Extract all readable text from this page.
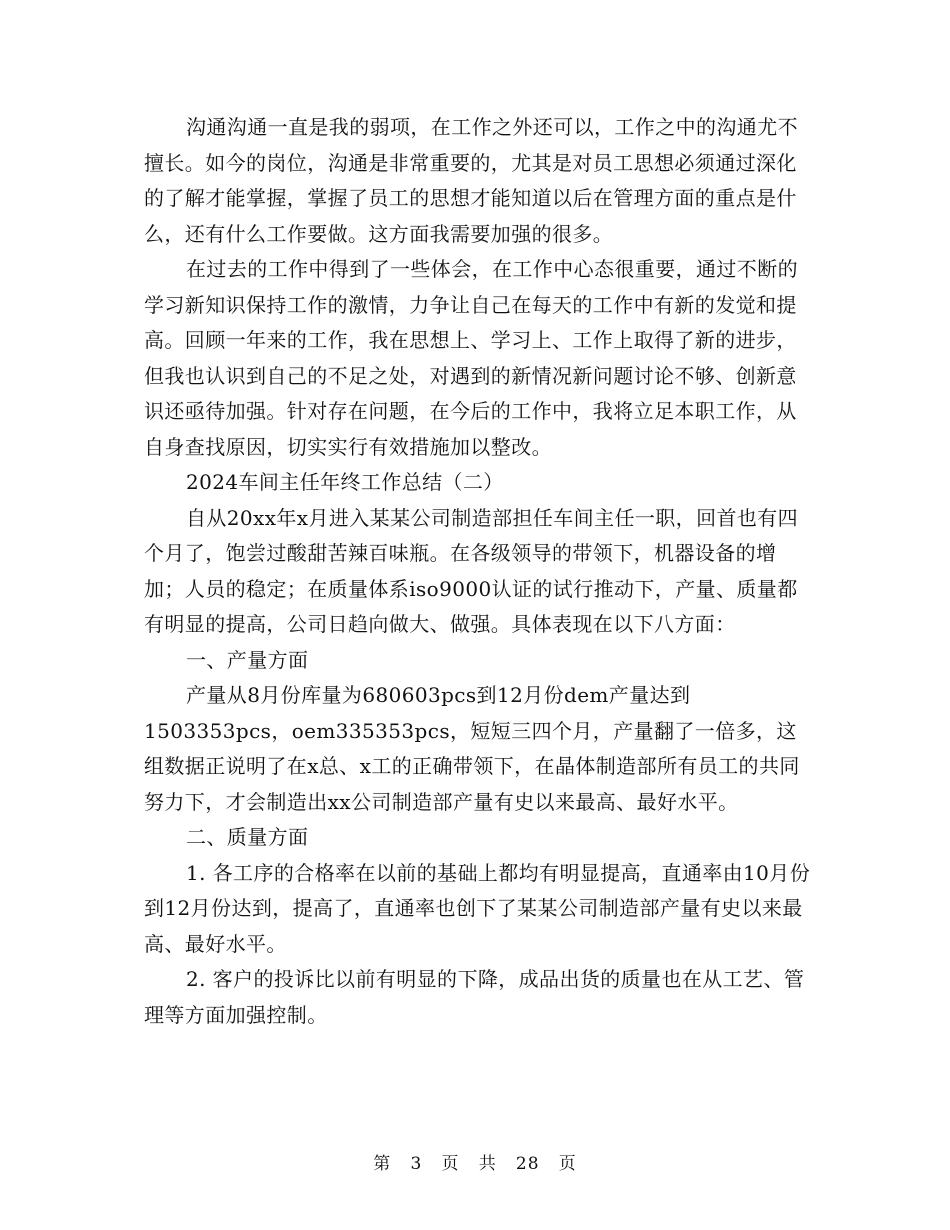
沟通沟通一直是我的弱项，在工作之外还可以，工作之中的沟通尤不擅长。如今的岗位，沟通是非常重要的，尤其是对员工思想必须通过深化的了解才能掌握，掌握了员工的思想才能知道以后在管理方面的重点是什么，还有什么工作要做。这方面我需要加强的很多。

在过去的工作中得到了一些体会，在工作中心态很重要，通过不断的学习新知识保持工作的激情，力争让自己在每天的工作中有新的发觉和提高。回顾一年来的工作，我在思想上、学习上、工作上取得了新的进步，但我也认识到自己的不足之处，对遇到的新情况新问题讨论不够、创新意识还亟待加强。针对存在问题，在今后的工作中，我将立足本职工作，从自身查找原因，切实实行有效措施加以整改。

2024车间主任年终工作总结（二）

自从20xx年x月进入某某公司制造部担任车间主任一职，回首也有四个月了，饱尝过酸甜苦辣百味瓶。在各级领导的带领下，机器设备的增加；人员的稳定；在质量体系iso9000认证的试行推动下，产量、质量都有明显的提高，公司日趋向做大、做强。具体表现在以下八方面：

一、产量方面

产量从8月份库量为680603pcs到12月份dem产量达到1503353pcs，oem335353pcs，短短三四个月，产量翻了一倍多，这组数据正说明了在x总、x工的正确带领下，在晶体制造部所有员工的共同努力下，才会制造出xx公司制造部产量有史以来最高、最好水平。

二、质量方面

1. 各工序的合格率在以前的基础上都均有明显提高，直通率由10月份到12月份达到，提高了，直通率也创下了某某公司制造部产量有史以来最高、最好水平。

2. 客户的投诉比以前有明显的下降，成品出货的质量也在从工艺、管理等方面加强控制。

第 3 页 共 28 页
